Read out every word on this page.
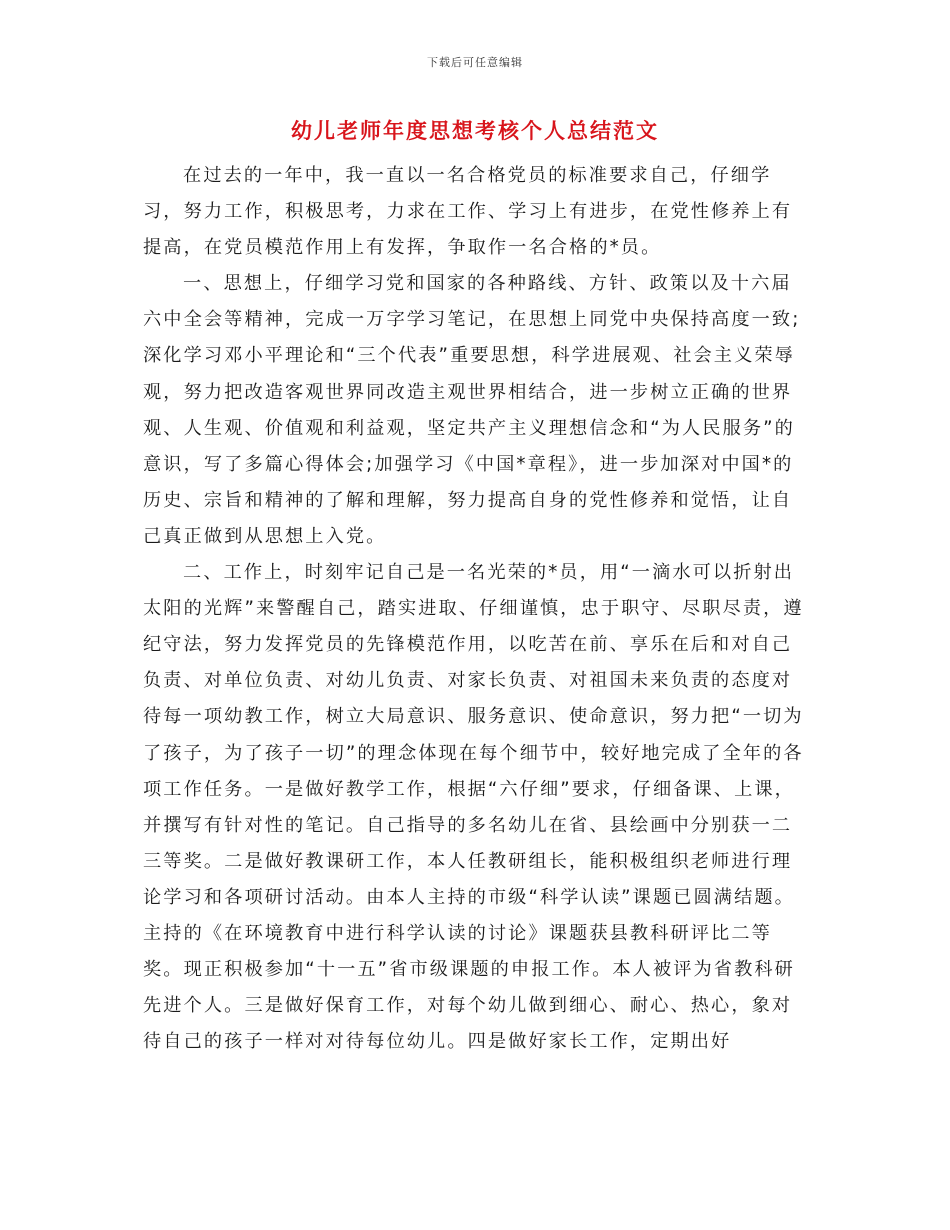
下载后可任意编辑
幼儿老师年度思想考核个人总结范文

在过去的一年中，我一直以一名合格党员的标准要求自己，仔细学习，努力工作，积极思考，力求在工作、学习上有进步，在党性修养上有提高，在党员模范作用上有发挥，争取作一名合格的*员。

一、思想上，仔细学习党和国家的各种路线、方针、政策以及十六届六中全会等精神，完成一万字学习笔记，在思想上同党中央保持高度一致;深化学习邓小平理论和“三个代表”重要思想，科学进展观、社会主义荣辱观，努力把改造客观世界同改造主观世界相结合，进一步树立正确的世界观、人生观、价值观和利益观，坚定共产主义理想信念和“为人民服务”的意识，写了多篇心得体会;加强学习《中国*章程》，进一步加深对中国*的历史、宗旨和精神的了解和理解，努力提高自身的党性修养和觉悟，让自己真正做到从思想上入党。

二、工作上，时刻牢记自己是一名光荣的*员，用“一滴水可以折射出太阳的光辉”来警醒自己，踏实进取、仔细谨慎，忠于职守、尽职尽责，遵纪守法，努力发挥党员的先锋模范作用，以吃苦在前、享乐在后和对自己负责、对单位负责、对幼儿负责、对家长负责、对祖国未来负责的态度对待每一项幼教工作，树立大局意识、服务意识、使命意识，努力把“一切为了孩子，为了孩子一切”的理念体现在每个细节中，较好地完成了全年的各项工作任务。一是做好教学工作，根据“六仔细”要求，仔细备课、上课，并撰写有针对性的笔记。自己指导的多名幼儿在省、县绘画中分别获一二三等奖。二是做好教课研工作，本人任教研组长，能积极组织老师进行理论学习和各项研讨活动。由本人主持的市级“科学认读”课题已圆满结题。主持的《在环境教育中进行科学认读的讨论》课题获县教科研评比二等奖。现正积极参加“十一五”省市级课题的申报工作。本人被评为省教科研先进个人。三是做好保育工作，对每个幼儿做到细心、耐心、热心，象对待自己的孩子一样对对待每位幼儿。四是做好家长工作，定期出好
